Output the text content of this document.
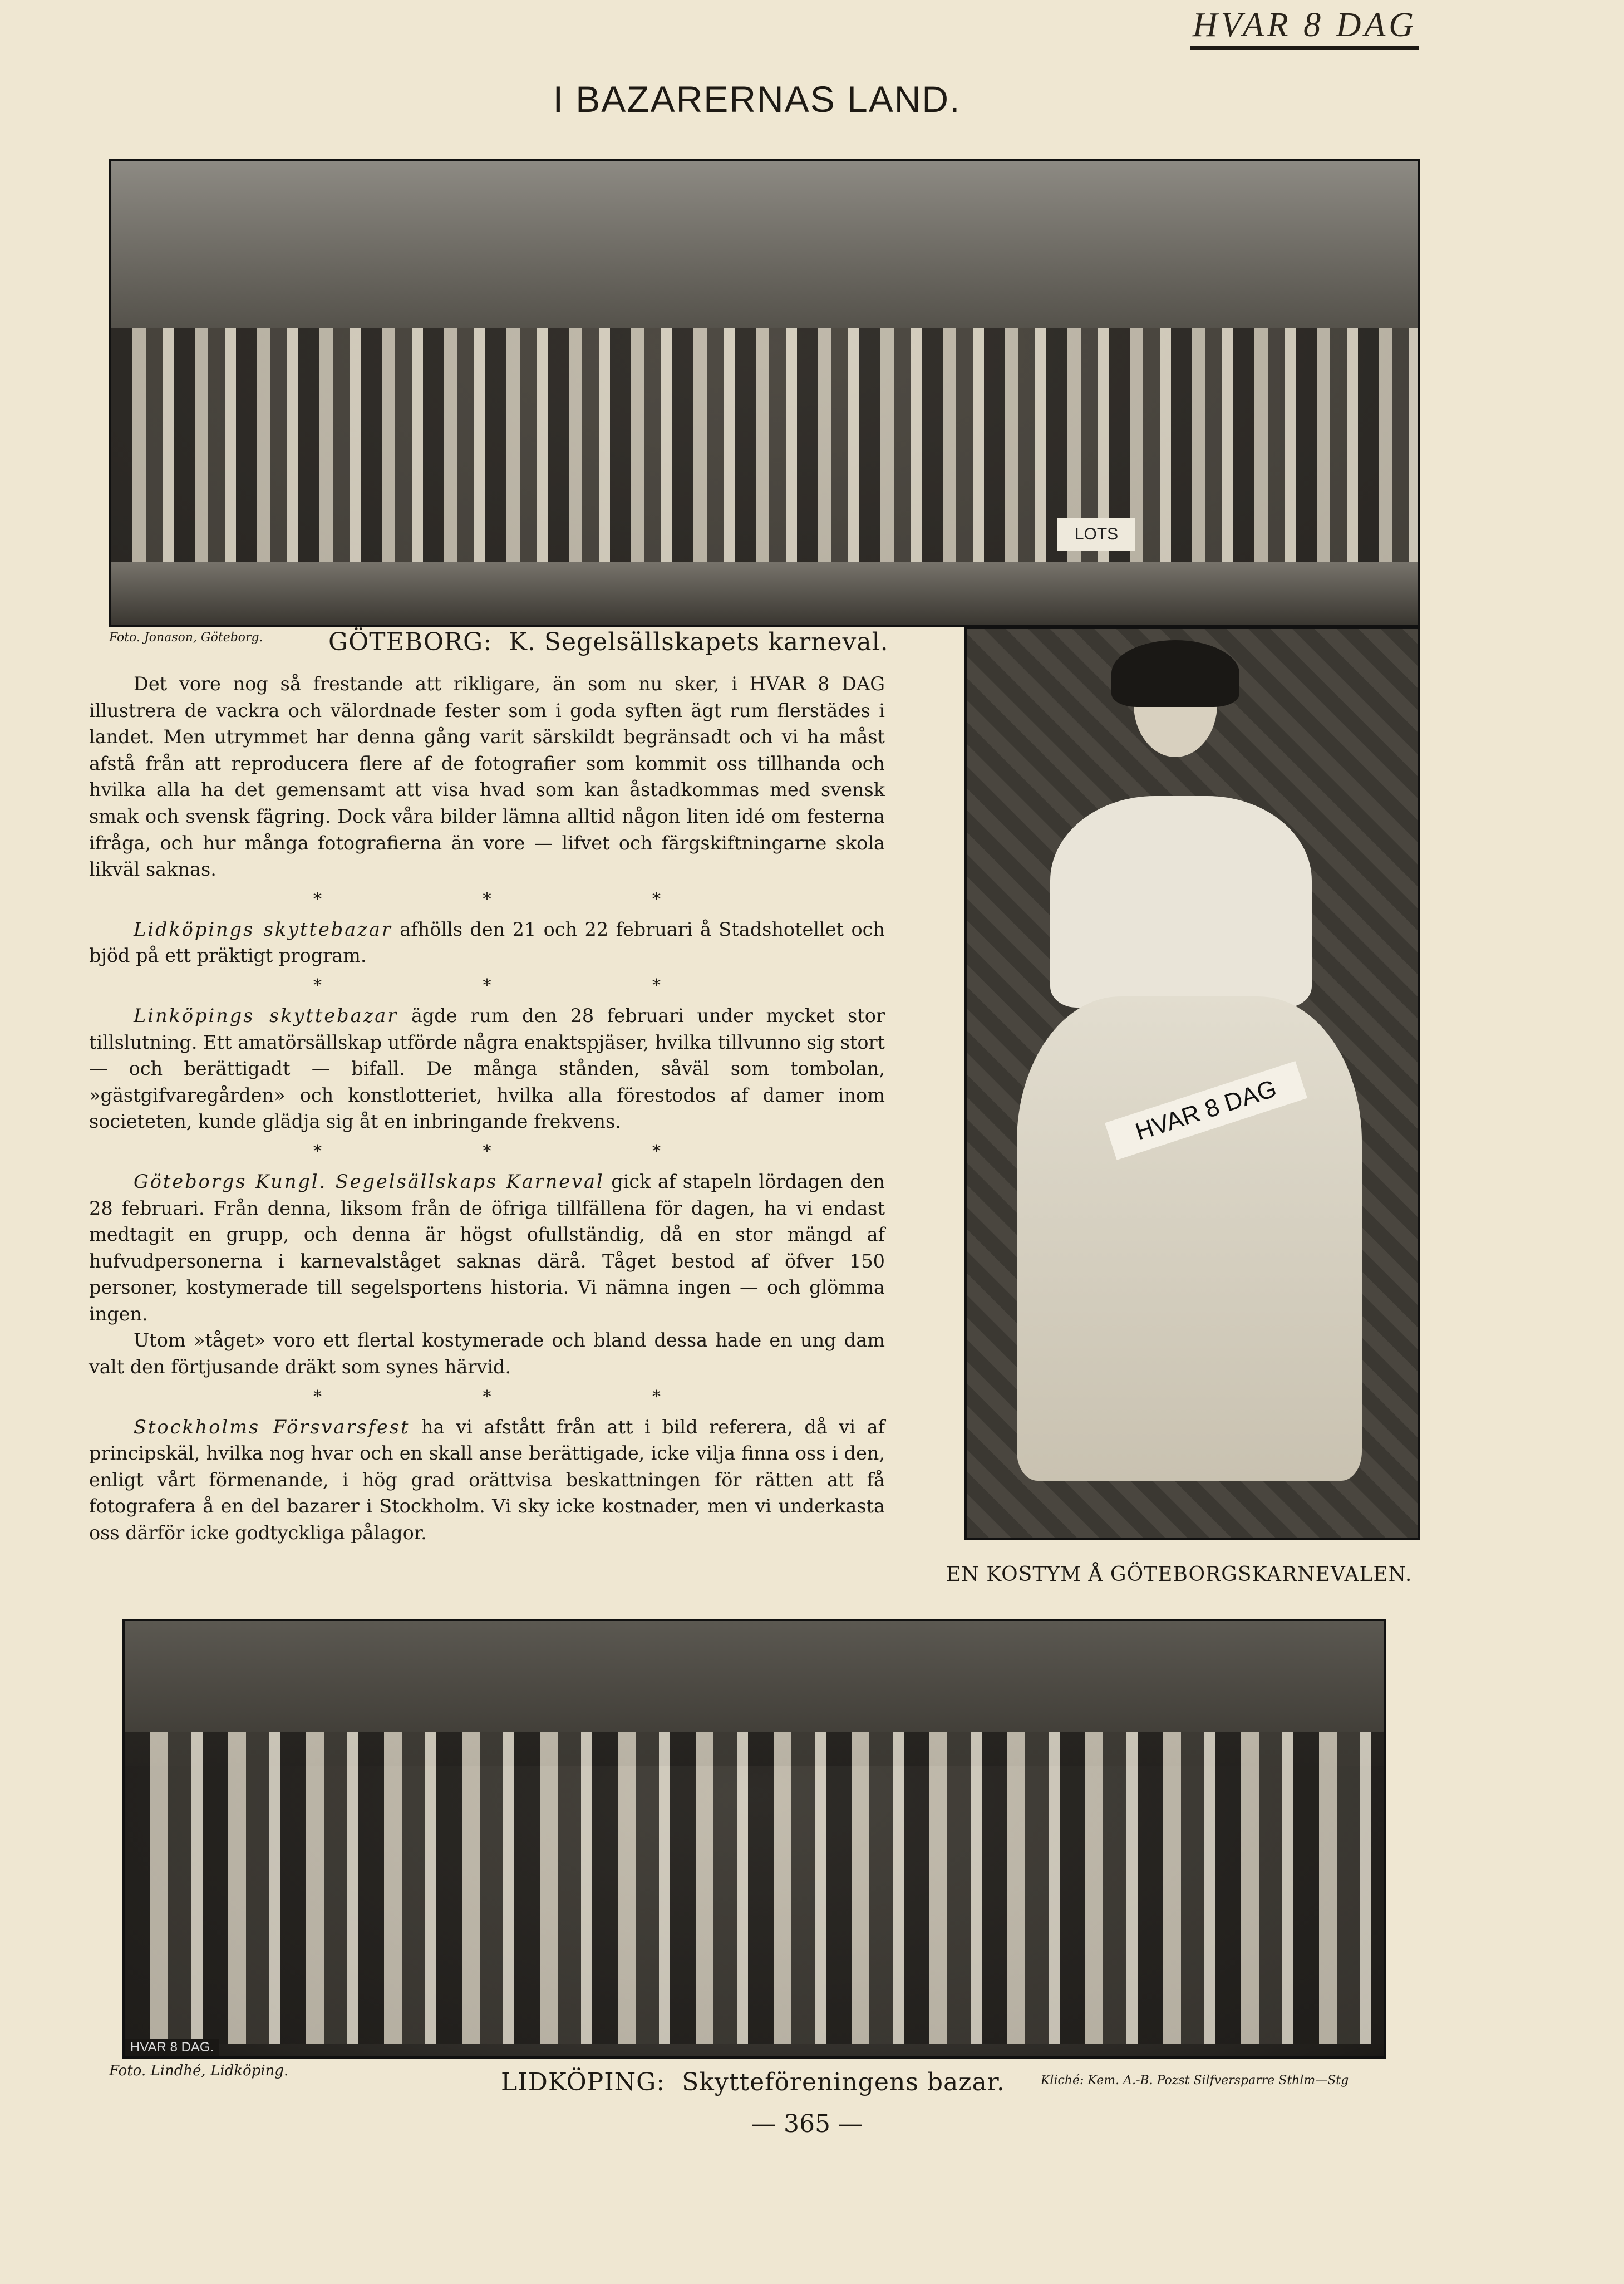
HVAR 8 DAG
I BAZARERNAS LAND.
LOTS
Foto. Jonason, Göteborg.	GÖTEBORG: K. Segelsällskapets karneval.
HVAR 8 DAG
EN KOSTYM Å GÖTEBORGSKARNEVALEN.

Det vore nog så frestande att rikligare, än som nu sker, i HVAR 8 DAG illustrera de vackra och välordnade fester som i goda syften ägt rum flerstädes i landet. Men utrymmet har denna gång varit särskildt begränsadt och vi ha måst afstå från att reproducera flere af de fotografier som kommit oss tillhanda och hvilka alla ha det gemensamt att visa hvad som kan åstadkommas med svensk smak och svensk fägring. Dock våra bilder lämna alltid någon liten idé om festerna ifråga, och hur många fotografierna än vore — lifvet och färgskiftningarne skola likväl saknas.

* * *

Lidköpings skyttebazar afhölls den 21 och 22 februari å Stadshotellet och bjöd på ett präktigt program.

* * *

Linköpings skyttebazar ägde rum den 28 februari under mycket stor tillslutning. Ett amatörsällskap utförde några enaktspjäser, hvilka tillvunno sig stort — och berättigadt — bifall. De många stånden, såväl som tombolan, »gästgifvaregården» och konstlotteriet, hvilka alla förestodos af damer inom societeten, kunde glädja sig åt en inbringande frekvens.

* * *

Göteborgs Kungl. Segelsällskaps Karneval gick af stapeln lördagen den 28 februari. Från denna, liksom från de öfriga tillfällena för dagen, ha vi endast medtagit en grupp, och denna är högst ofullständig, då en stor mängd af hufvudpersonerna i karnevalståget saknas därå. Tåget bestod af öfver 150 personer, kostymerade till segelsportens historia. Vi nämna ingen — och glömma ingen.

Utom »tåget» voro ett flertal kostymerade och bland dessa hade en ung dam valt den förtjusande dräkt som synes härvid.

* * *

Stockholms Försvarsfest ha vi afstått från att i bild referera, då vi af principskäl, hvilka nog hvar och en skall anse berättigade, icke vilja finna oss i den, enligt vårt förmenande, i hög grad orättvisa beskattningen för rätten att få fotografera å en del bazarer i Stockholm. Vi sky icke kostnader, men vi underkasta oss därför icke godtyckliga pålagor.

HVAR 8 DAG.
Foto. Lindhé, Lidköping.	LIDKÖPING: Skytteföreningens bazar.	Kliché: Kem. A.-B. Pozst Silfversparre Sthlm—Stg
— 365 —
